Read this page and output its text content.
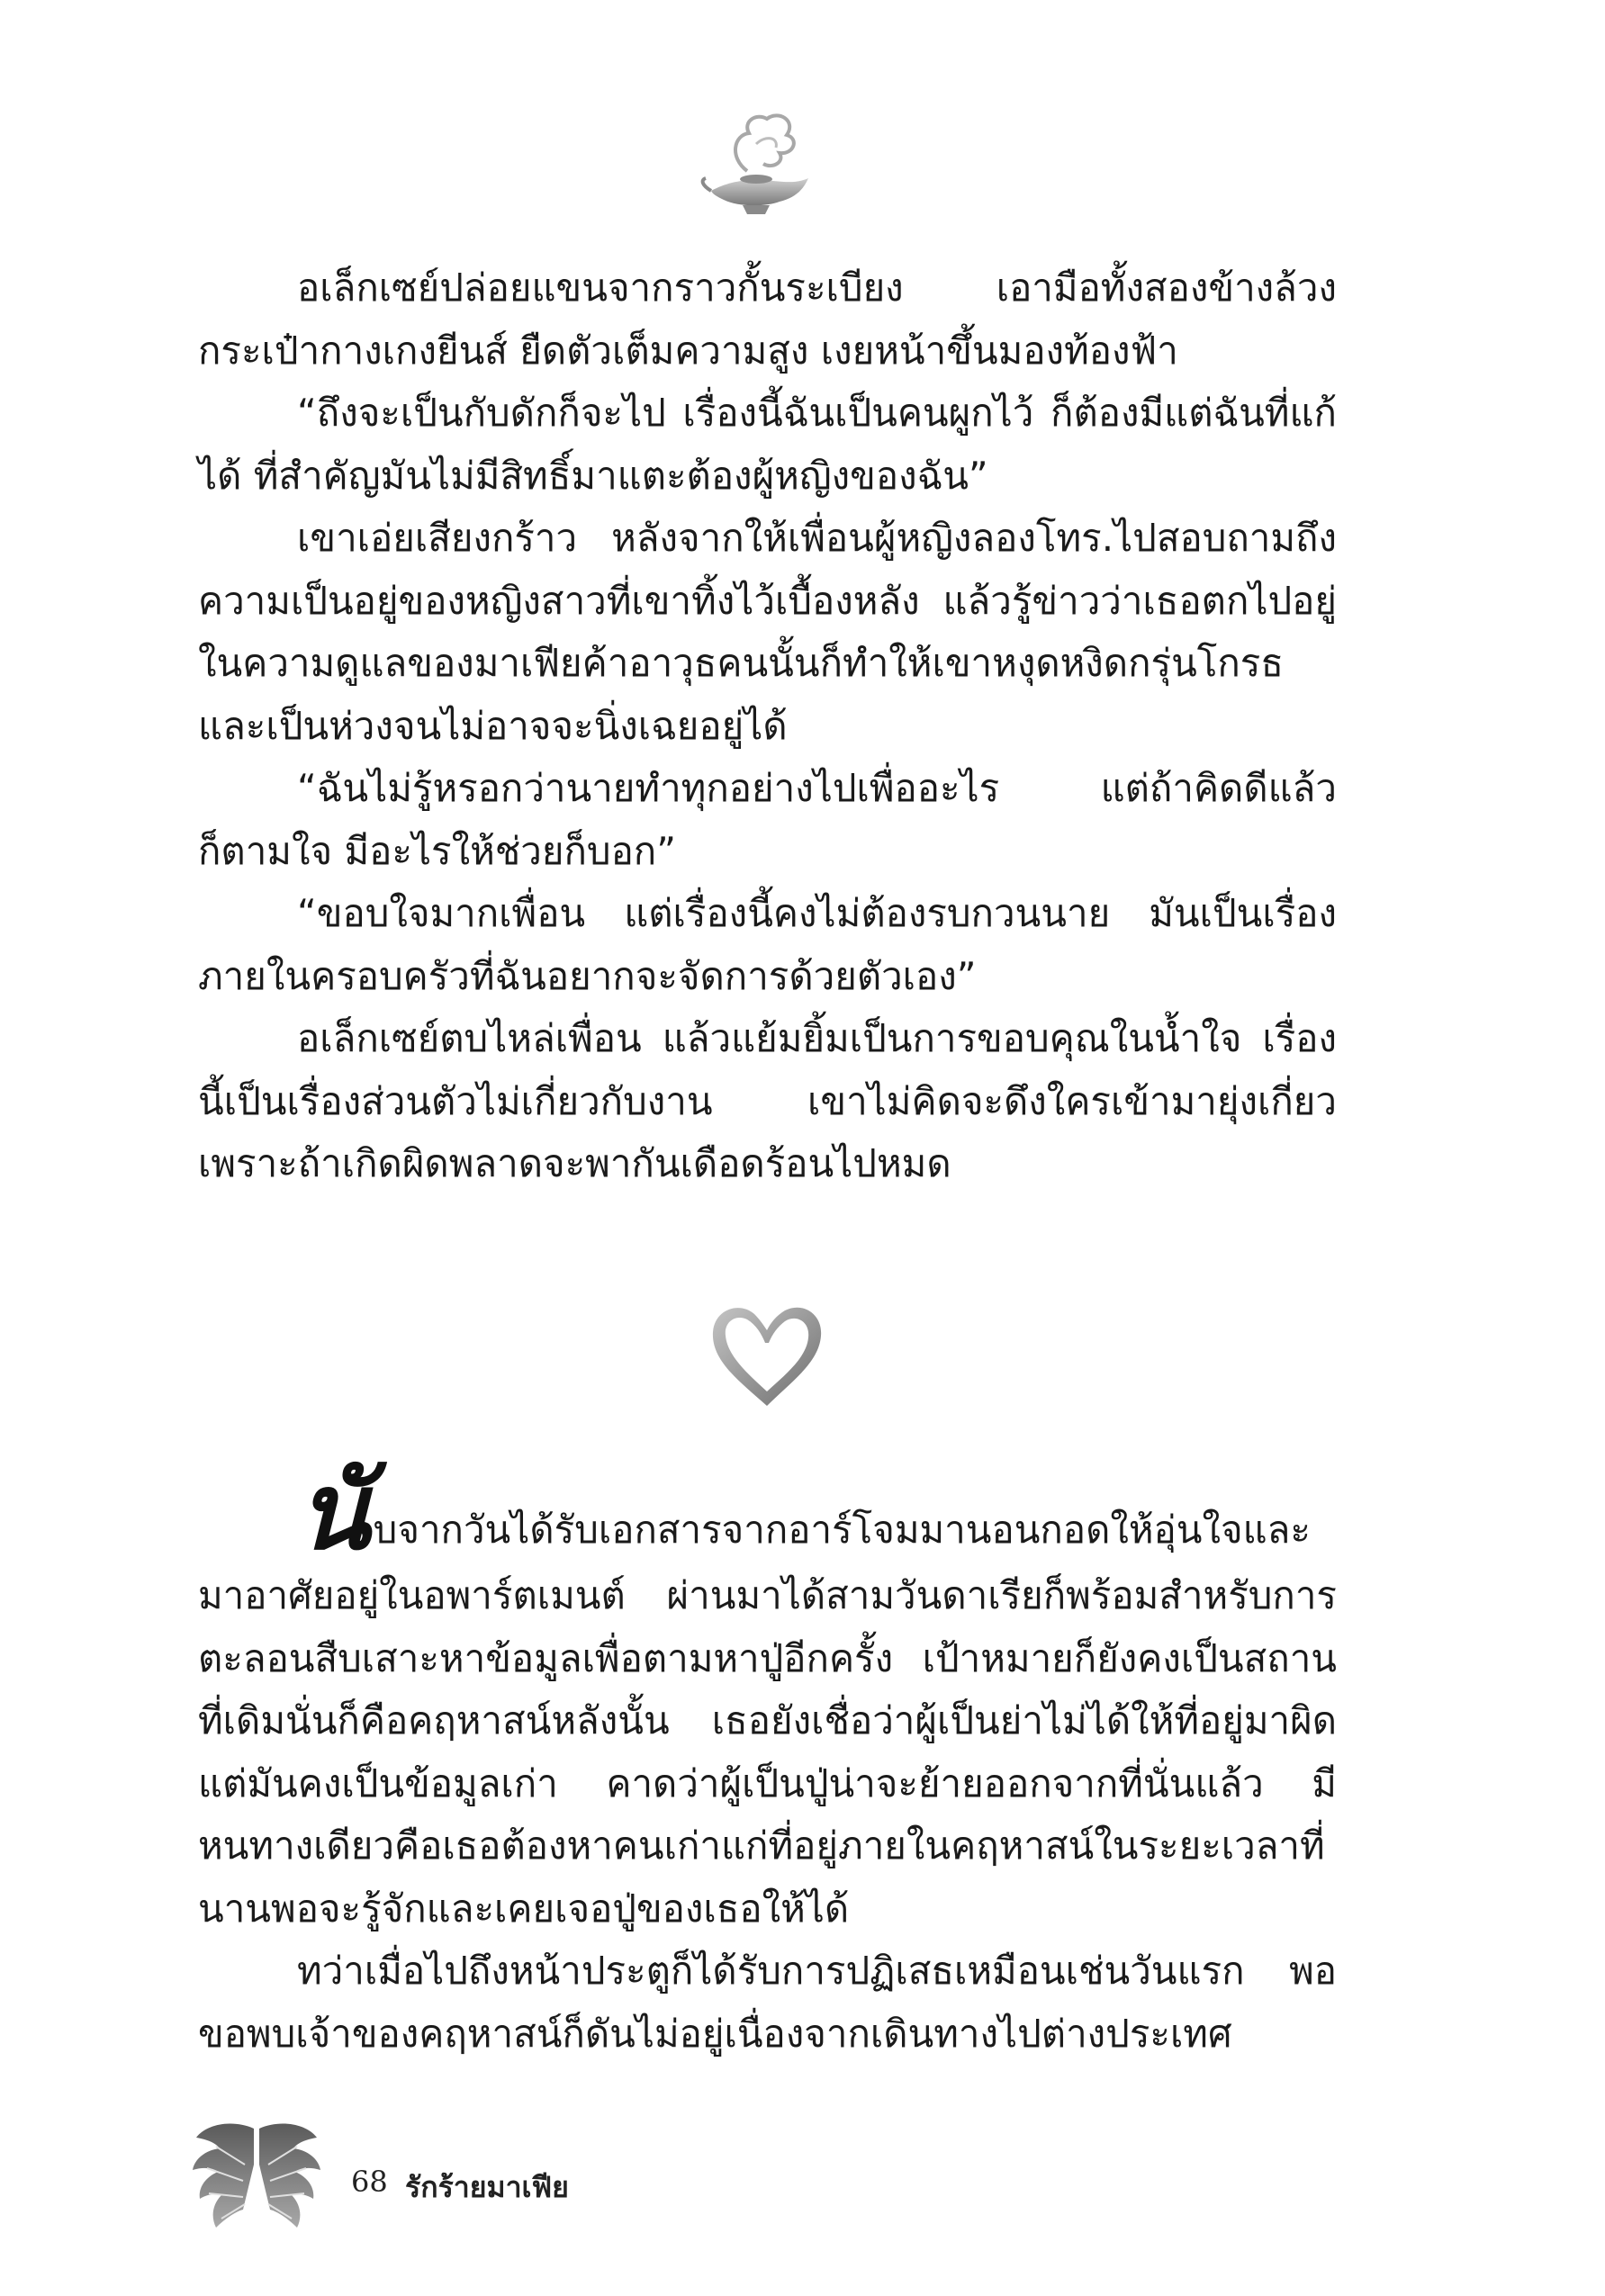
อเล็กเซย์ปล่อยแขนจากราวกั้นระเบียง เอามือทั้งสองข้างล้วงกระเป๋ากางเกงยีนส์ ยืดตัวเต็มความสูง เงยหน้าขึ้นมองท้องฟ้า

“ถึงจะเป็นกับดักก็จะไป เรื่องนี้ฉันเป็นคนผูกไว้ ก็ต้องมีแต่ฉันที่แก้ได้ ที่สำคัญมันไม่มีสิทธิ์มาแตะต้องผู้หญิงของฉัน”

เขาเอ่ยเสียงกร้าว หลังจากให้เพื่อนผู้หญิงลองโทร.ไปสอบถามถึงความเป็นอยู่ของหญิงสาวที่เขาทิ้งไว้เบื้องหลัง แล้วรู้ข่าวว่าเธอตกไปอยู่ในความดูแลของมาเฟียค้าอาวุธคนนั้นก็ทำให้เขาหงุดหงิดกรุ่นโกรธ และเป็นห่วงจนไม่อาจจะนิ่งเฉยอยู่ได้

“ฉันไม่รู้หรอกว่านายทำทุกอย่างไปเพื่ออะไร แต่ถ้าคิดดีแล้วก็ตามใจ มีอะไรให้ช่วยก็บอก”

“ขอบใจมากเพื่อน แต่เรื่องนี้คงไม่ต้องรบกวนนาย มันเป็นเรื่องภายในครอบครัวที่ฉันอยากจะจัดการด้วยตัวเอง”

อเล็กเซย์ตบไหล่เพื่อน แล้วแย้มยิ้มเป็นการขอบคุณในน้ำใจ เรื่องนี้เป็นเรื่องส่วนตัวไม่เกี่ยวกับงาน เขาไม่คิดจะดึงใครเข้ามายุ่งเกี่ยวเพราะถ้าเกิดผิดพลาดจะพากันเดือดร้อนไปหมด

นับจากวันได้รับเอกสารจากอาร์โจมมานอนกอดให้อุ่นใจและมาอาศัยอยู่ในอพาร์ตเมนต์ ผ่านมาได้สามวันดาเรียก็พร้อมสำหรับการตะลอนสืบเสาะหาข้อมูลเพื่อตามหาปู่อีกครั้ง เป้าหมายก็ยังคงเป็นสถานที่เดิมนั่นก็คือคฤหาสน์หลังนั้น เธอยังเชื่อว่าผู้เป็นย่าไม่ได้ให้ที่อยู่มาผิด แต่มันคงเป็นข้อมูลเก่า คาดว่าผู้เป็นปู่น่าจะย้ายออกจากที่นั่นแล้ว มีหนทางเดียวคือเธอต้องหาคนเก่าแก่ที่อยู่ภายในคฤหาสน์ในระยะเวลาที่นานพอจะรู้จักและเคยเจอปู่ของเธอให้ได้

ทว่าเมื่อไปถึงหน้าประตูก็ได้รับการปฏิเสธเหมือนเช่นวันแรก พอขอพบเจ้าของคฤหาสน์ก็ดันไม่อยู่เนื่องจากเดินทางไปต่างประเทศ

68 รักร้ายมาเฟีย
